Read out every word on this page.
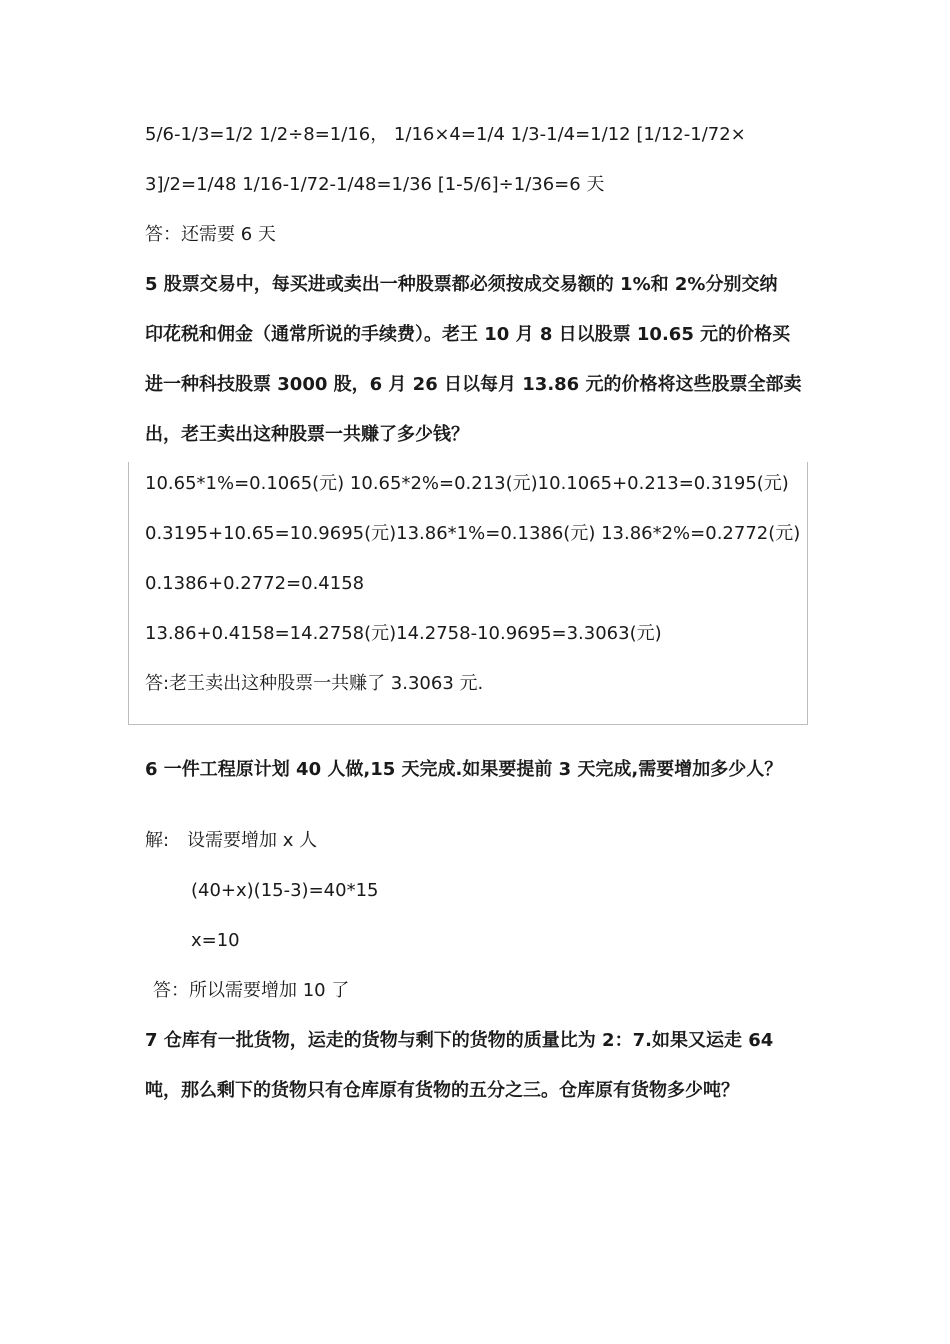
5/6-1/3=1/2 1/2÷8=1/16， 1/16×4=1/4 1/3-1/4=1/12 [1/12-1/72×
3]/2=1/48 1/16-1/72-1/48=1/36 [1-5/6]÷1/36=6 天
答：还需要 6 天
5 股票交易中，每买进或卖出一种股票都必须按成交易额的 1%和 2%分别交纳
印花税和佣金（通常所说的手续费）。老王 10 月 8 日以股票 10.65 元的价格买
进一种科技股票 3000 股，6 月 26 日以每月 13.86 元的价格将这些股票全部卖
出，老王卖出这种股票一共赚了多少钱？
10.65*1%=0.1065(元) 10.65*2%=0.213(元)10.1065+0.213=0.3195(元)
0.3195+10.65=10.9695(元)13.86*1%=0.1386(元) 13.86*2%=0.2772(元)
0.1386+0.2772=0.4158
13.86+0.4158=14.2758(元)14.2758-10.9695=3.3063(元)
答:老王卖出这种股票一共赚了 3.3063 元.
6 一件工程原计划 40 人做,15 天完成.如果要提前 3 天完成,需要增加多少人？
解: 设需要增加 x 人
(40+x)(15-3)=40*15
x=10
答：所以需要增加 10 了
7 仓库有一批货物，运走的货物与剩下的货物的质量比为 2：7.如果又运走 64
吨，那么剩下的货物只有仓库原有货物的五分之三。仓库原有货物多少吨？
